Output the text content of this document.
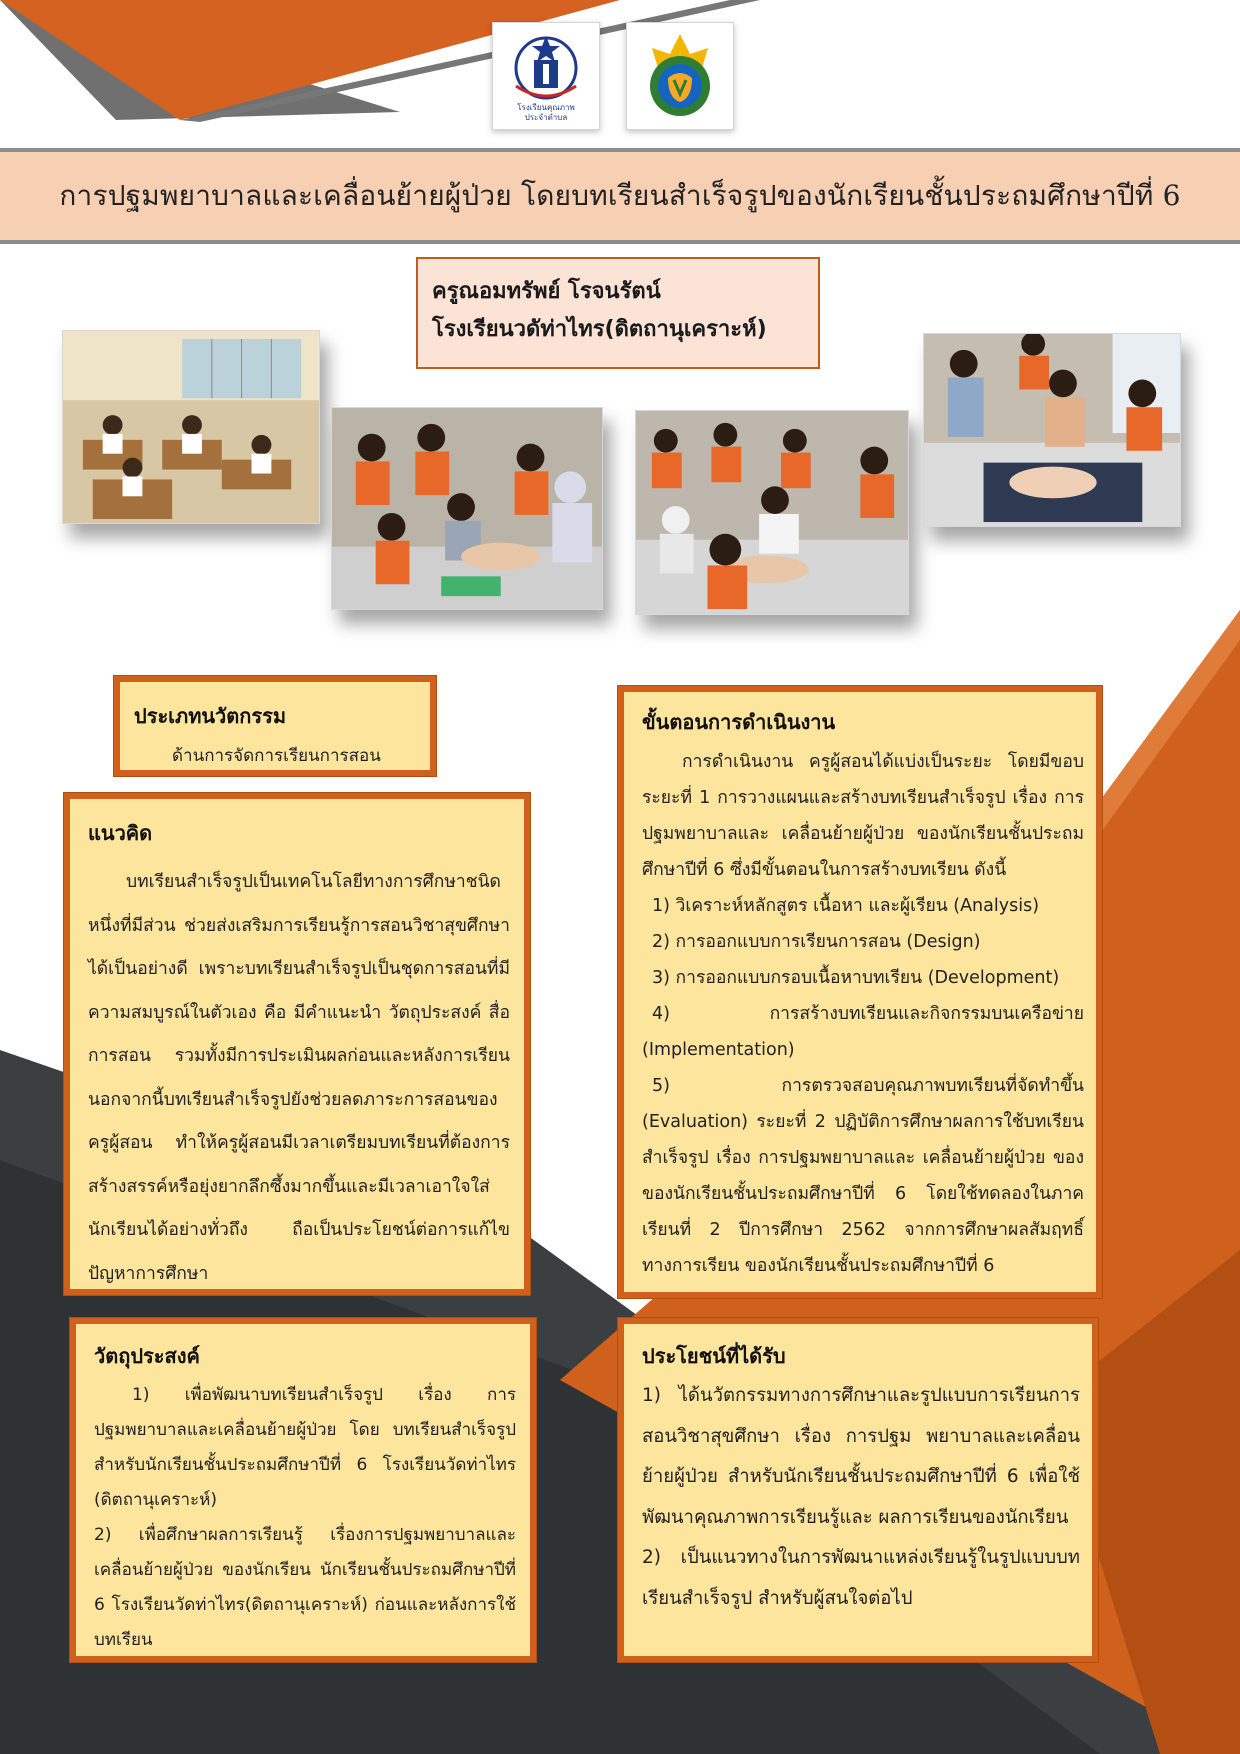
โรงเรียนคุณภาพ
ประจำตำบล
การปฐมพยาบาลและเคลื่อนย้ายผู้ป่วย โดยบทเรียนสำเร็จรูปของนักเรียนชั้นประถมศึกษาปีที่ 6
ครูณอมทรัพย์ โรจนรัตน์
โรงเรียนวดัท่าไทร(ดิตถานุเคราะห์)
ประเภทนวัตกรรม

ด้านการจัดการเรียนการสอน

แนวคิด

บทเรียนสำเร็จรูปเป็นเทคโนโลยีทางการศึกษาชนิดหนึ่งที่มีส่วน ช่วยส่งเสริมการเรียนรู้การสอนวิชาสุขศึกษาได้เป็นอย่างดี เพราะบทเรียนสำเร็จรูปเป็นชุดการสอนที่มี ความสมบูรณ์ในตัวเอง คือ มีคำแนะนำ วัตถุประสงค์ สื่อการสอน รวมทั้งมีการประเมินผลก่อนและหลังการเรียน นอกจากนี้บทเรียนสำเร็จรูปยังช่วยลดภาระการสอนของครูผู้สอน ทำให้ครูผู้สอนมีเวลาเตรียมบทเรียนที่ต้องการสร้างสรรค์หรือยุ่งยากลึกซึ้งมากขึ้นและมีเวลาเอาใจใส่นักเรียนได้อย่างทั่วถึง ถือเป็นประโยชน์ต่อการแก้ไขปัญหาการศึกษา

ขั้นตอนการดำเนินงาน

การดำเนินงาน ครูผู้สอนได้แบ่งเป็นระยะ โดยมีขอบระยะที่ 1 การวางแผนและสร้างบทเรียนสำเร็จรูป เรื่อง การปฐมพยาบาลและ เคลื่อนย้ายผู้ป่วย ของนักเรียนชั้นประถมศึกษาปีที่ 6 ซึ่งมีขั้นตอนในการสร้างบทเรียน ดังนี้

1) วิเคราะห์หลักสูตร เนื้อหา และผู้เรียน (Analysis)
2) การออกแบบการเรียนการสอน (Design)
3) การออกแบบกรอบเนื้อหาบทเรียน (Development)
4) การสร้างบทเรียนและกิจกรรมบนเครือข่าย (Implementation)
5) การตรวจสอบคุณภาพบทเรียนที่จัดทำขึ้น (Evaluation) ระยะที่ 2 ปฏิบัติการศึกษาผลการใช้บทเรียนสำเร็จรูป เรื่อง การปฐมพยาบาลและ เคลื่อนย้ายผู้ป่วย ของของนักเรียนชั้นประถมศึกษาปีที่ 6 โดยใช้ทดลองในภาคเรียนที่ 2 ปีการศึกษา 2562 จากการศึกษาผลสัมฤทธิ์ทางการเรียน ของนักเรียนชั้นประถมศึกษาปีที่ 6
วัตถุประสงค์

1) เพื่อพัฒนาบทเรียนสำเร็จรูป เรื่อง การปฐมพยาบาลและเคลื่อนย้ายผู้ป่วย โดย บทเรียนสำเร็จรูปสำหรับนักเรียนชั้นประถมศึกษาปีที่ 6 โรงเรียนวัดท่าไทร (ดิตถานุเคราะห์)

2) เพื่อศึกษาผลการเรียนรู้ เรื่องการปฐมพยาบาลและเคลื่อนย้ายผู้ป่วย ของนักเรียน นักเรียนชั้นประถมศึกษาปีที่ 6 โรงเรียนวัดท่าไทร(ดิตถานุเคราะห์) ก่อนและหลังการใช้บทเรียน

ประโยชน์ที่ได้รับ

1) ได้นวัตกรรมทางการศึกษาและรูปแบบการเรียนการสอนวิชาสุขศึกษา เรื่อง การปฐม พยาบาลและเคลื่อนย้ายผู้ป่วย สำหรับนักเรียนชั้นประถมศึกษาปีที่ 6 เพื่อใช้พัฒนาคุณภาพการเรียนรู้และ ผลการเรียนของนักเรียน

2) เป็นแนวทางในการพัฒนาแหล่งเรียนรู้ในรูปแบบบทเรียนสำเร็จรูป สำหรับผู้สนใจต่อไป
